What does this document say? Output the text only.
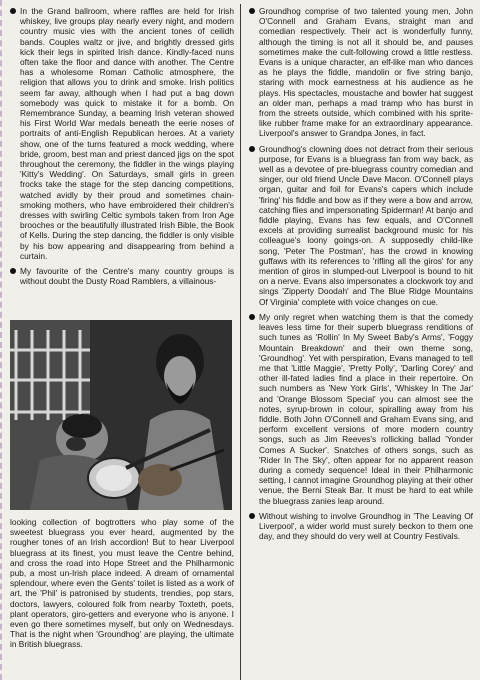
In the Grand ballroom, where raffles are held for Irish whiskey, live groups play nearly every night, and modern country music vies with the ancient tones of ceilidh bands. Couples waltz or jive, and brightly dressed girls kick their legs in spirited Irish dance. Kindly-faced nuns often take the floor and dance with another. The Centre has a wholesome Roman Catholic atmosphere, the religion that allows you to drink and smoke. Irish politics seem far away, although when I had put a bag down somebody was quick to mistake it for a bomb. On Remembrance Sunday, a beaming Irish veteran showed his First World War medals beneath the eerie noses of portraits of anti-English Republican heroes. At a variety show, one of the turns featured a mock wedding, where bride, groom, best man and priest danced jigs on the spot throughout the ceremony, the fiddler in the wings playing 'Kitty's Wedding'. On Saturdays, small girls in green frocks take the stage for the step dancing competitions, watched avidly by their proud and sometimes chain-smoking mothers, who have embroidered their children's dresses with swirling Celtic symbols taken from Iron Age brooches or the beautifully illustrated Irish Bible, the Book of Kells. During the step dancing, the fiddler is only visible by his bow appearing and disappearing from behind a curtain.

My favourite of the Centre's many country groups is without doubt the Dusty Road Ramblers, a villainous-

looking collection of bogtrotters who play some of the sweetest bluegrass you ever heard, augmented by the rougher tones of an Irish accordion! But to hear Liverpool bluegrass at its finest, you must leave the Centre behind, and cross the road into Hope Street and the Philharmonic pub, a most un-Irish place indeed. A dream of ornamental splendour, where even the Gents' toilet is listed as a work of art, the 'Phil' is patronised by students, trendies, pop stars, doctors, lawyers, coloured folk from nearby Toxteth, poets, plant operators, giro-getters and everyone who is anyone. I even go there sometimes myself, but only on Wednesdays. That is the night when 'Groundhog' are playing, the ultimate in British bluegrass.

Groundhog comprise of two talented young men, John O'Connell and Graham Evans, straight man and comedian respectively. Their act is wonderfully funny, although the timing is not all it should be, and pauses sometimes make the cult-following crowd a little restless. Evans is a unique character, an elf-like man who dances as he plays the fiddle, mandolin or five string banjo, staring with mock earnestness at his audience as he plays. His spectacles, moustache and bowler hat suggest an older man, perhaps a mad tramp who has burst in from the streets outside, which combined with his sprite-like rubber frame make for an extraordinary appearance. Liverpool's answer to Grandpa Jones, in fact.

Groundhog's clowning does not detract from their serious purpose, for Evans is a bluegrass fan from way back, as well as a devotee of pre-bluegrass country comedian and singer, our old friend Uncle Dave Macon. O'Connell plays organ, guitar and foil for Evans's capers which include 'firing' his fiddle and bow as if they were a bow and arrow, catching flies and impersonating Spiderman! At banjo and fiddle playing, Evans has few equals, and O'Connell excels at providing surrealist background music for his colleague's loony goings-on. A supposedly child-like song, 'Peter The Postman', has the crowd in knowing guffaws with its references to 'rifling all the giros' for any mention of giros in slumped-out Liverpool is bound to hit on a nerve. Evans also impersonates a clockwork toy and sings 'Zipperty Doodah' and The Blue Ridge Mountains Of Virginia' complete with voice changes on cue.

My only regret when watching them is that the comedy leaves less time for their superb bluegrass renditions of such tunes as 'Rollin' In My Sweet Baby's Arms', 'Foggy Mountain Breakdown' and their own theme song, 'Groundhog'. Yet with perspiration, Evans managed to tell me that 'Little Maggie', 'Pretty Polly', 'Darling Corey' and other ill-fated ladies find a place in their repertoire. On such numbers as 'New York Girls', 'Whiskey In The Jar' and 'Orange Blossom Special' you can almost see the notes, syrup-brown in colour, spiralling away from his fiddle. Both John O'Connell and Graham Evans sing, and perform excellent versions of more modern country songs, such as Jim Reeves's rollicking ballad 'Yonder Comes A Sucker'. Snatches of others songs, such as 'Rider In The Sky', often appear for no apparent reason during a comedy sequence! Ideal in their Philharmonic setting, I cannot imagine Groundhog playing at their other venue, the Berni Steak Bar. It must be hard to eat while the bluegrass zanies leap around.

Without wishing to involve Groundhog in 'The Leaving Of Liverpool', a wider world must surely beckon to them one day, and they should do very well at Country Festivals.
